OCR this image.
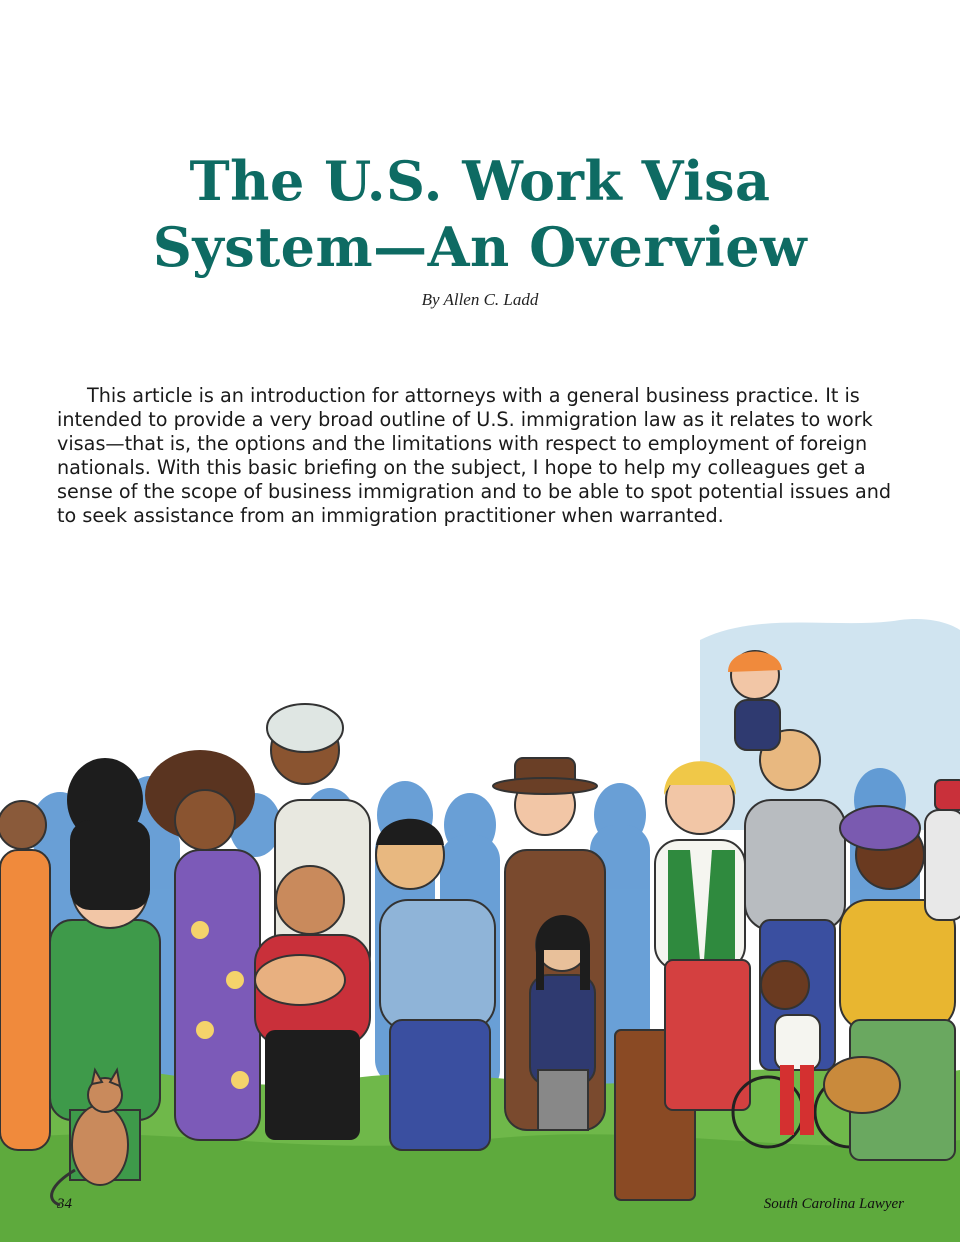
The U.S. Work Visa
System—An Overview
By Allen C. Ladd

This article is an introduction for attorneys with a general business practice. It is intended to provide a very broad outline of U.S. immigration law as it relates to work visas—that is, the options and the limitations with respect to employment of foreign nationals. With this basic briefing on the subject, I hope to help my colleagues get a sense of the scope of business immigration and to be able to spot potential issues and to seek assistance from an immigration practitioner when warranted.

34	South Carolina Lawyer
